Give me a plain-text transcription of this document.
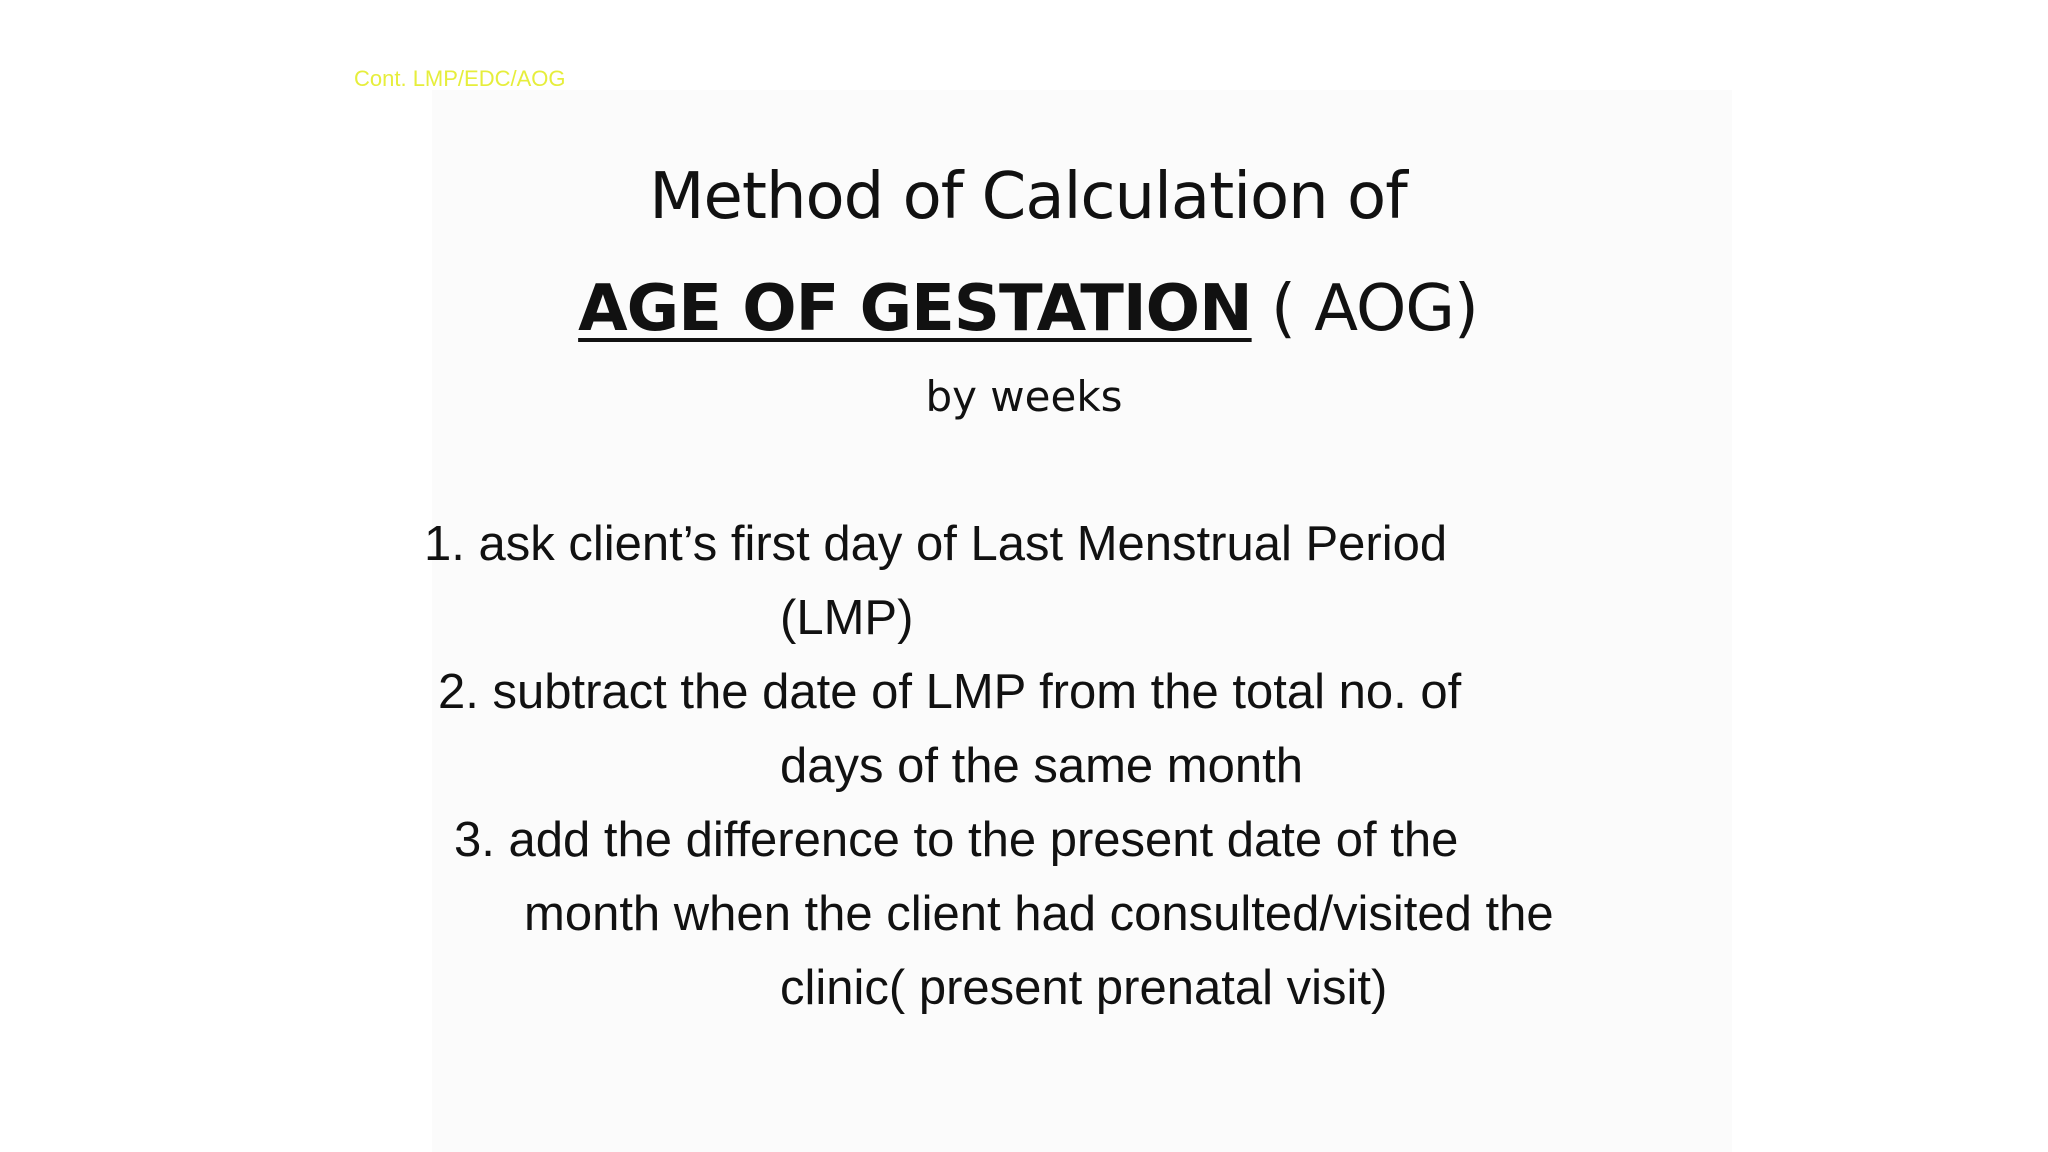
Cont. LMP/EDC/AOG
Method of Calculation of
AGE OF GESTATION ( AOG)
by weeks
1. ask client’s first day of Last Menstrual Period
(LMP)
2. subtract the date of LMP from the total no. of
days of the same month
3. add the difference to the present date of the
month when the client had consulted/visited the
clinic( present prenatal visit)
